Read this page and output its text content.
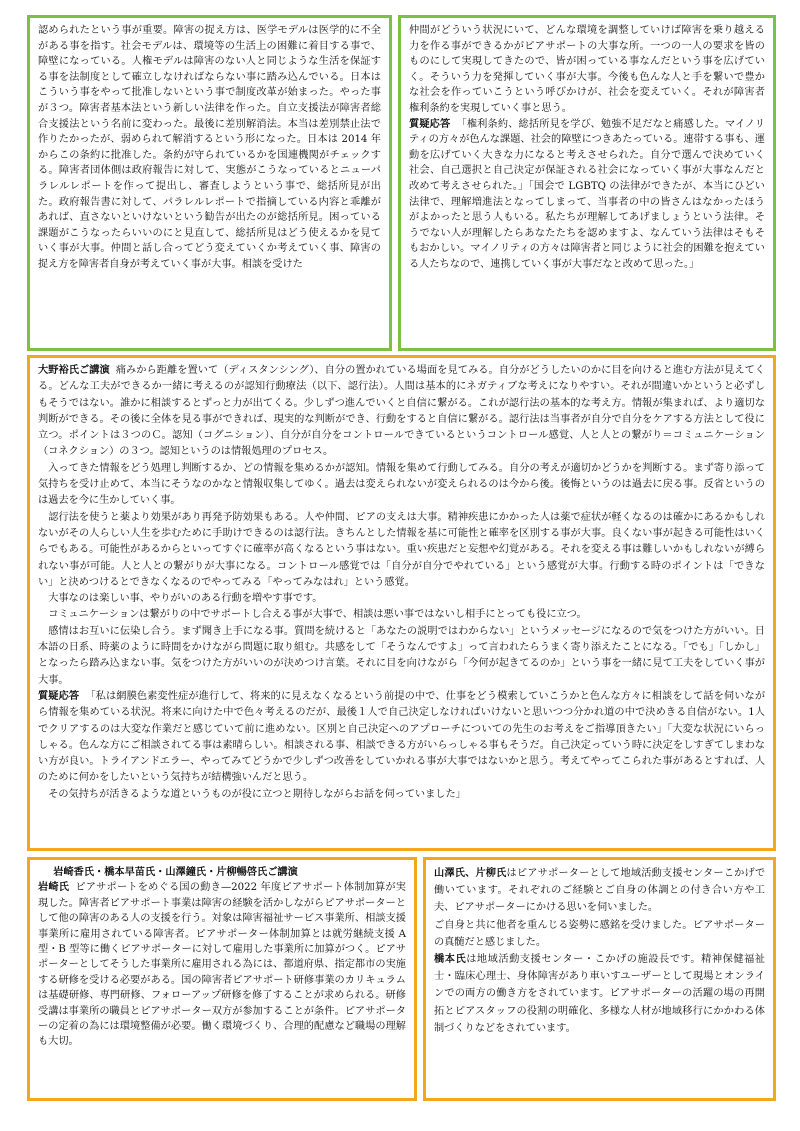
認められたという事が重要。障害の捉え方は、医学モデルは医学的に不全がある事を指す。社会モデルは、環境等の生活上の困難に着目する事で、障壁になっている。人権モデルは障害のない人と同じような生活を保証する事を法制度として確立しなければならない事に踏み込んでいる。日本はこういう事をやって批准しないという事で制度改革が始まった。やった事が３つ。障害者基本法という新しい法律を作った。自立支援法が障害者総合支援法という名前に変わった。最後に差別解消法。本当は差別禁止法で作りたかったが、弱められて解消するという形になった。日本は 2014 年からこの条約に批准した。条約が守られているかを国連機関がチェックする。障害者団体側は政府報告に対して、実態がこうなっているとニューパラレルレポートを作って提出し、審査しようという事で、総括所見が出た。政府報告書に対して、パラレルレポートで指摘している内容と乖離があれば、直さないといけないという勧告が出たのが総括所見。困っている課題がこうなったらいいのにと見直して、総括所見はどう使えるかを見ていく事が大事。仲間と話し合ってどう変えていくか考えていく事、障害の捉え方を障害者自身が考えていく事が大事。相談を受けた

仲間がどういう状況にいて、どんな環境を調整していけば障害を乗り越える力を作る事ができるかがピアサポートの大事な所。一つの一人の要求を皆のものにして実現してきたので、皆が困っている事なんだという事を広げていく。そういう力を発揮していく事が大事。今後も色んな人と手を繋いで豊かな社会を作っていこうという呼びかけが、社会を変えていく。それが障害者権利条約を実現していく事と思う。

質疑応答 「権利条約、総括所見を学び、勉強不足だなと痛感した。マイノリティの方々が色んな課題、社会的障壁につきあたっている。連帯する事も、運動を広げていく大きな力になると考えさせられた。自分で選んで決めていく社会、自己選択と自己決定が保証される社会になっていく事が大事なんだと改めて考えさせられた。」「国会で LGBTQ の法律ができたが、本当にひどい法律で、理解増進法となってしまって、当事者の中の皆さんはなかったほうがよかったと思う人もいる。私たちが理解してあげましょうという法律。そうでない人が理解したらあなたたちを認めますよ、なんていう法律はそもそもおかしい。マイノリティの方々は障害者と同じように社会的困難を抱えている人たちなので、連携していく事が大事だなと改めて思った。」

大野裕氏ご講演 痛みから距離を置いて（ディスタンシング）、自分の置かれている場面を見てみる。自分がどうしたいのかに目を向けると進む方法が見えてくる。どんな工夫ができるか一緒に考えるのが認知行動療法（以下、認行法）。人間は基本的にネガティブな考えになりやすい。それが間違いかというと必ずしもそうではない。誰かに相談するとずっと力が出てくる。少しずつ進んでいくと自信に繋がる。これが認行法の基本的な考え方。情報が集まれば、より適切な判断ができる。その後に全体を見る事ができれば、現実的な判断ができ、行動をすると自信に繋がる。認行法は当事者が自分で自分をケアする方法として役に立つ。ポイントは３つのＣ。認知（コグニション）、自分が自分をコントロールできているというコントロール感覚、人と人との繋がり＝コミュニケーション（コネクション）の３つ。認知というのは情報処理のプロセス。

入ってきた情報をどう処理し判断するか、どの情報を集めるかが認知。情報を集めて行動してみる。自分の考えが適切かどうかを判断する。まず寄り添って気持ちを受け止めて、本当にそうなのかなと情報収集してゆく。過去は変えられないが変えられるのは今から後。後悔というのは過去に戻る事。反省というのは過去を今に生かしていく事。

認行法を使うと薬より効果があり再発予防効果もある。人や仲間、ピアの支えは大事。精神疾患にかかった人は薬で症状が軽くなるのは確かにあるかもしれないがその人らしい人生を歩むために手助けできるのは認行法。きちんとした情報を基に可能性と確率を区別する事が大事。良くない事が起きる可能性はいくらでもある。可能性があるからといってすぐに確率が高くなるという事はない。重い疾患だと妄想や幻覚がある。それを変える事は難しいかもしれないが縛られない事が可能。人と人との繋がりが大事になる。コントロール感覚では「自分が自分でやれている」という感覚が大事。行動する時のポイントは「できない」と決めつけるとできなくなるのでやってみる「やってみなはれ」という感覚。

大事なのは楽しい事、やりがいのある行動を増やす事です。

コミュニケーションは繋がりの中でサポートし合える事が大事で、相談は悪い事ではないし相手にとっても役に立つ。

感情はお互いに伝染し合う。まず聞き上手になる事。質問を続けると「あなたの説明ではわからない」というメッセージになるので気をつけた方がいい。日本語の日系、時薬のように時間をかけながら問題に取り組む。共感をして「そうなんですよ」って言われたらうまく寄り添えたことになる。「でも」「しかし」となったら踏み込まない事。気をつけた方がいいのが決めつけ言葉。それに目を向けながら「今何が起きてるのか」という事を一緒に見て工夫をしていく事が大事。

質疑応答 「私は網膜色素変性症が進行して、将来的に見えなくなるという前提の中で、仕事をどう模索していこうかと色んな方々に相談をして話を伺いながら情報を集めている状況。将来に向けた中で色々考えるのだが、最後１人で自己決定しなければいけないと思いつつ分かれ道の中で決めきる自信がない。1人でクリアするのは大変な作業だと感じていて前に進めない。区別と自己決定へのアプローチについての先生のお考えをご指導頂きたい」「大変な状況にいらっしゃる。色んな方にご相談されてる事は素晴らしい。相談される事、相談できる方がいらっしゃる事もそうだ。自己決定っていう時に決定をしすぎてしまわない方が良い。トライアンドエラー、やってみてどうかで少しずつ改善をしていかれる事が大事ではないかと思う。考えてやってこられた事があるとすれば、人のために何かをしたいという気持ちが結構強いんだと思う。

その気持ちが活きるような道というものが役に立つと期待しながらお話を伺っていました」

岩崎香氏・橋本早苗氏・山澤鐘氏・片柳暢啓氏ご講演

岩崎氏 ピアサポートをめぐる国の動き—2022 年度ピアサポート体制加算が実現した。障害者ピアサポート事業は障害の経験を活かしながらピアサポーターとして他の障害のある人の支援を行う。対象は障害福祉サービス事業所、相談支援事業所に雇用されている障害者。ピアサポーター体制加算とは就労継続支援 A 型・B 型等に働くピアサポーターに対して雇用した事業所に加算がつく。ピアサポーターとしてそうした事業所に雇用される為には、都道府県、指定都市の実施する研修を受ける必要がある。国の障害者ピアサポート研修事業のカリキュラムは基礎研修、専門研修、フォローアップ研修を修了することが求められる。研修受講は事業所の職員とピアサポーター双方が参加することが条件。ピアサポーターの定着の為には環境整備が必要。働く環境づくり、合理的配慮など職場の理解も大切。

山澤氏、片柳氏はピアサポーターとして地域活動支援センターこかげで働いています。それぞれのご経験とご自身の体調との付き合い方や工夫、ピアサポーターにかける思いを伺いました。

ご自身と共に他者を重んじる姿勢に感銘を受けました。ピアサポーターの真髄だと感じました。

橋本氏は地域活動支援センター・こかげの施設長です。精神保健福祉士・臨床心理士、身体障害があり車いすユーザーとして現場とオンラインでの両方の働き方をされています。ピアサポーターの活躍の場の再開拓とピアスタッフの役割の明確化、多様な人材が地域移行にかかわる体制づくりなどをされています。
